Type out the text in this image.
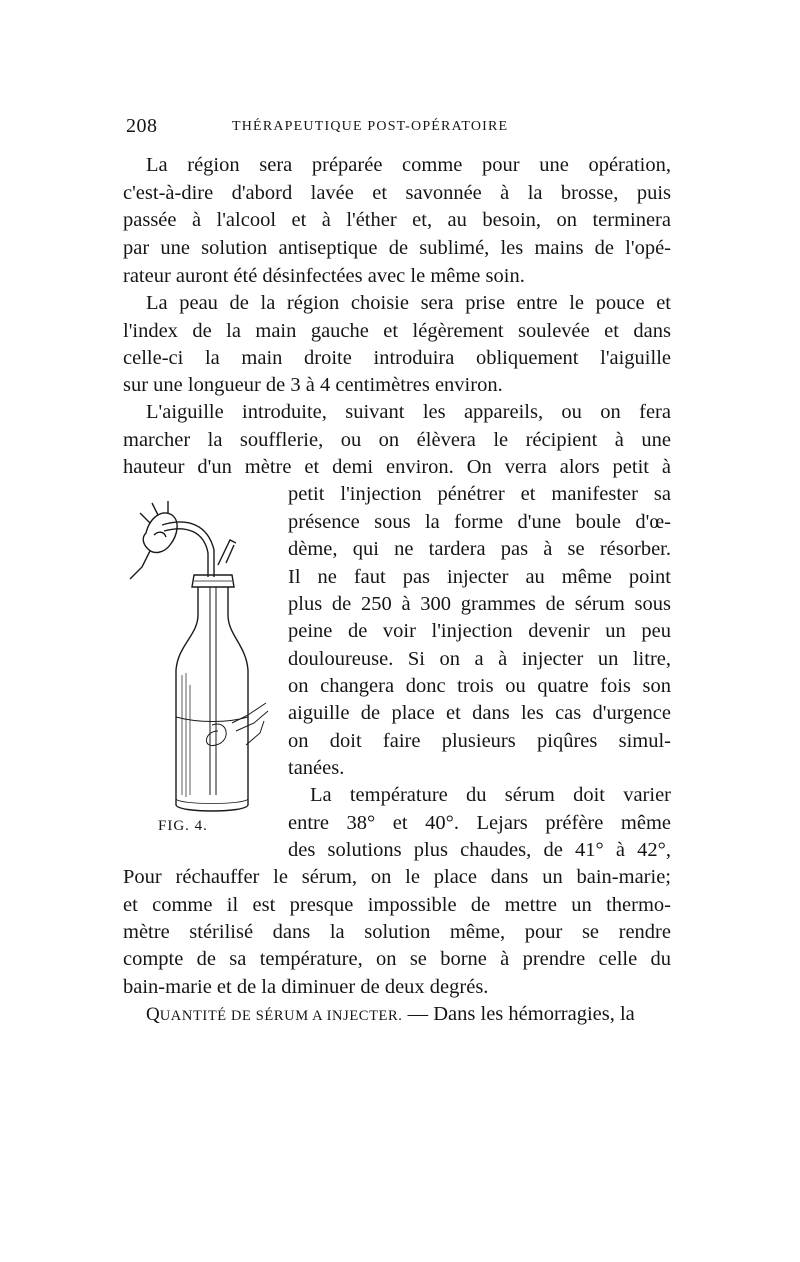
208	THÉRAPEUTIQUE POST-OPÉRATOIRE
La région sera préparée comme pour une opération,
c'est-à-dire d'abord lavée et savonnée à la brosse, puis
passée à l'alcool et à l'éther et, au besoin, on terminera
par une solution antiseptique de sublimé, les mains de l'opé-
rateur auront été désinfectées avec le même soin.
La peau de la région choisie sera prise entre le pouce et
l'index de la main gauche et légèrement soulevée et dans
celle-ci la main droite introduira obliquement l'aiguille
sur une longueur de 3 à 4 centimètres environ.
L'aiguille introduite, suivant les appareils, ou on fera
marcher la soufflerie, ou on élèvera le récipient à une
hauteur d'un mètre et demi environ. On verra alors petit à
petit l'injection pénétrer et manifester sa
présence sous la forme d'une boule d'œ-
dème, qui ne tardera pas à se résorber.
Il ne faut pas injecter au même point
plus de 250 à 300 grammes de sérum sous
peine de voir l'injection devenir un peu
douloureuse. Si on a à injecter un litre,
on changera donc trois ou quatre fois son
aiguille de place et dans les cas d'urgence
on doit faire plusieurs piqûres simul-
tanées.
La température du sérum doit varier
entre 38° et 40°. Lejars préfère même
des solutions plus chaudes, de 41° à 42°,
Pour réchauffer le sérum, on le place dans un bain-marie;
et comme il est presque impossible de mettre un thermo-
mètre stérilisé dans la solution même, pour se rendre
compte de sa température, on se borne à prendre celle du
bain-marie et de la diminuer de deux degrés.
QUANTITÉ DE SÉRUM A INJECTER. — Dans les hémorragies, la
FIG. 4.
